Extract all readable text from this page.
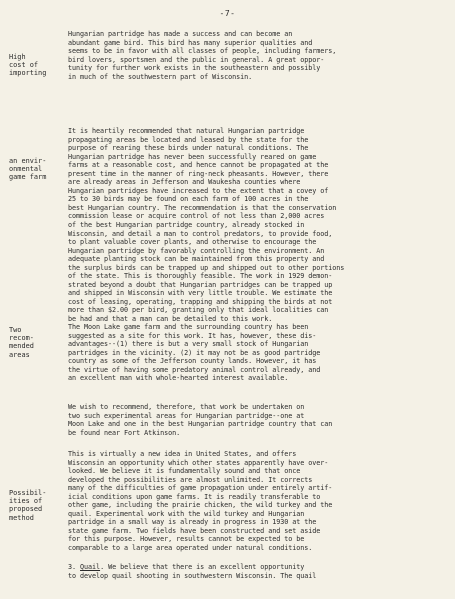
-7-
High
cost of
importing
an envir-
onmental
game farm
Two
recom-
mended
areas
Possibil-
ities of
proposed
method
Hungarian partridge has made a success and can become an
abundant game bird. This bird has many superior qualities and
seems to be in favor with all classes of people, including farmers,
bird lovers, sportsmen and the public in general. A great oppor-
tunity for further work exists in the southeastern and possibly
in much of the southwestern part of Wisconsin.
It is heartily recommended that natural Hungarian partridge
propagating areas be located and leased by the state for the
purpose of rearing these birds under natural conditions. The
Hungarian partridge has never been successfully reared on game
farms at a reasonable cost, and hence cannot be propagated at the
present time in the manner of ring-neck pheasants. However, there
are already areas in Jefferson and Waukesha counties where
Hungarian partridges have increased to the extent that a covey of
25 to 30 birds may be found on each farm of 100 acres in the
best Hungarian country. The recommendation is that the conservation
commission lease or acquire control of not less than 2,000 acres
of the best Hungarian partridge country, already stocked in
Wisconsin, and detail a man to control predators, to provide food,
to plant valuable cover plants, and otherwise to encourage the
Hungarian partridge by favorably controlling the environment. An
adequate planting stock can be maintained from this property and
the surplus birds can be trapped up and shipped out to other portions
of the state. This is thoroughly feasible. The work in 1929 demon-
strated beyond a doubt that Hungarian partridges can be trapped up
and shipped in Wisconsin with very little trouble. We estimate the
cost of leasing, operating, trapping and shipping the birds at not
more than $2.00 per bird, granting only that ideal localities can
be had and that a man can be detailed to this work.
The Moon Lake game farm and the surrounding country has been
suggested as a site for this work. It has, however, these dis-
advantages--(1) there is but a very small stock of Hungarian
partridges in the vicinity. (2) it may not be as good partridge
country as some of the Jefferson county lands. However, it has
the virtue of having some predatory animal control already, and
an excellent man with whole-hearted interest available.
We wish to recommend, therefore, that work be undertaken on
two such experimental areas for Hungarian partridge--one at
Moon Lake and one in the best Hungarian partridge country that can
be found near Fort Atkinson.
This is virtually a new idea in United States, and offers
Wisconsin an opportunity which other states apparently have over-
looked. We believe it is fundamentally sound and that once
developed the possibilities are almost unlimited. It corrects
many of the difficulties of game propagation under entirely artif-
icial conditions upon game farms. It is readily transferable to
other game, including the prairie chicken, the wild turkey and the
quail. Experimental work with the wild turkey and Hungarian
partridge in a small way is already in progress in 1930 at the
state game farm. Two fields have been constructed and set aside
for this purpose. However, results cannot be expected to be
comparable to a large area operated under natural conditions.
3. Quail. We believe that there is an excellent opportunity
to develop quail shooting in southwestern Wisconsin. The quail
